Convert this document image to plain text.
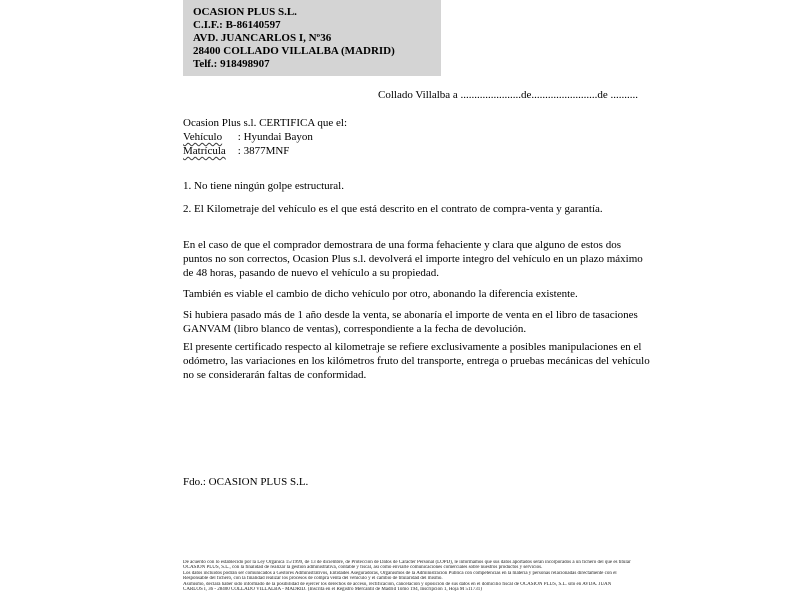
OCASION PLUS S.L.
C.I.F.: B-86140597
AVD. JUANCARLOS I, Nº36
28400 COLLADO VILLALBA (MADRID)
Telf.: 918498907
Collado Villalba a ......................de........................de ..........
Ocasion Plus s.l. CERTIFICA que el:
Vehículo : Hyundai Bayon
Matrícula : 3877MNF
1. No tiene ningún golpe estructural.
2. El Kilometraje del vehículo es el que está descrito en el contrato de compra-venta y garantía.
En el caso de que el comprador demostrara de una forma fehaciente y clara que alguno de estos dos puntos no son correctos, Ocasion Plus s.l. devolverá el importe integro del vehículo en un plazo máximo de 48 horas, pasando de nuevo el vehículo a su propiedad.
También es viable el cambio de dicho vehículo por otro, abonando la diferencia existente.
Si hubiera pasado más de 1 año desde la venta, se abonaría el importe de venta en el libro de tasaciones GANVAM (libro blanco de ventas), correspondiente a la fecha de devolución.
El presente certificado respecto al kilometraje se refiere exclusivamente a posibles manipulaciones en el odómetro, las variaciones en los kilómetros fruto del transporte, entrega o pruebas mecánicas del vehículo no se considerarán faltas de conformidad.
Fdo.: OCASION PLUS S.L.
De acuerdo con lo establecido por la Ley Orgánica 15/1999, de 13 de diciembre, de Protección de Datos de Carácter Personal (LOPD), le informamos que sus datos aportados serán incorporados a un fichero del que es titular
OCASIÓN PLUS, S.L., con la finalidad de realizar la gestión administrativa, contable y fiscal, así como enviarle comunicaciones comerciales sobre nuestros productos y servicios.
Los datos incluidos podrán ser comunicados a Gestores Administrativos, Entidades Aseguradoras, Organismos de la Administración Pública con competencias en la materia y personas relacionadas directamente con el
Responsable del fichero, con la finalidad realizar los procesos de compra venta del vehículo y el cambio de titularidad del mismo.
Asimismo, declara haber sido informado de la posibilidad de ejercer los derechos de acceso, rectificación, cancelación y oposición de sus datos en el domicilio fiscal de OCASIÓN PLUS, S.L. sito en AVDA. JUAN
CARLOS I, 36 - 28400 COLLADO VILLALBA - MADRID. (Inscrita en el Registro Mercantil de Madrid Tomo 194, Inscripción 1, Hoja M 511731)
